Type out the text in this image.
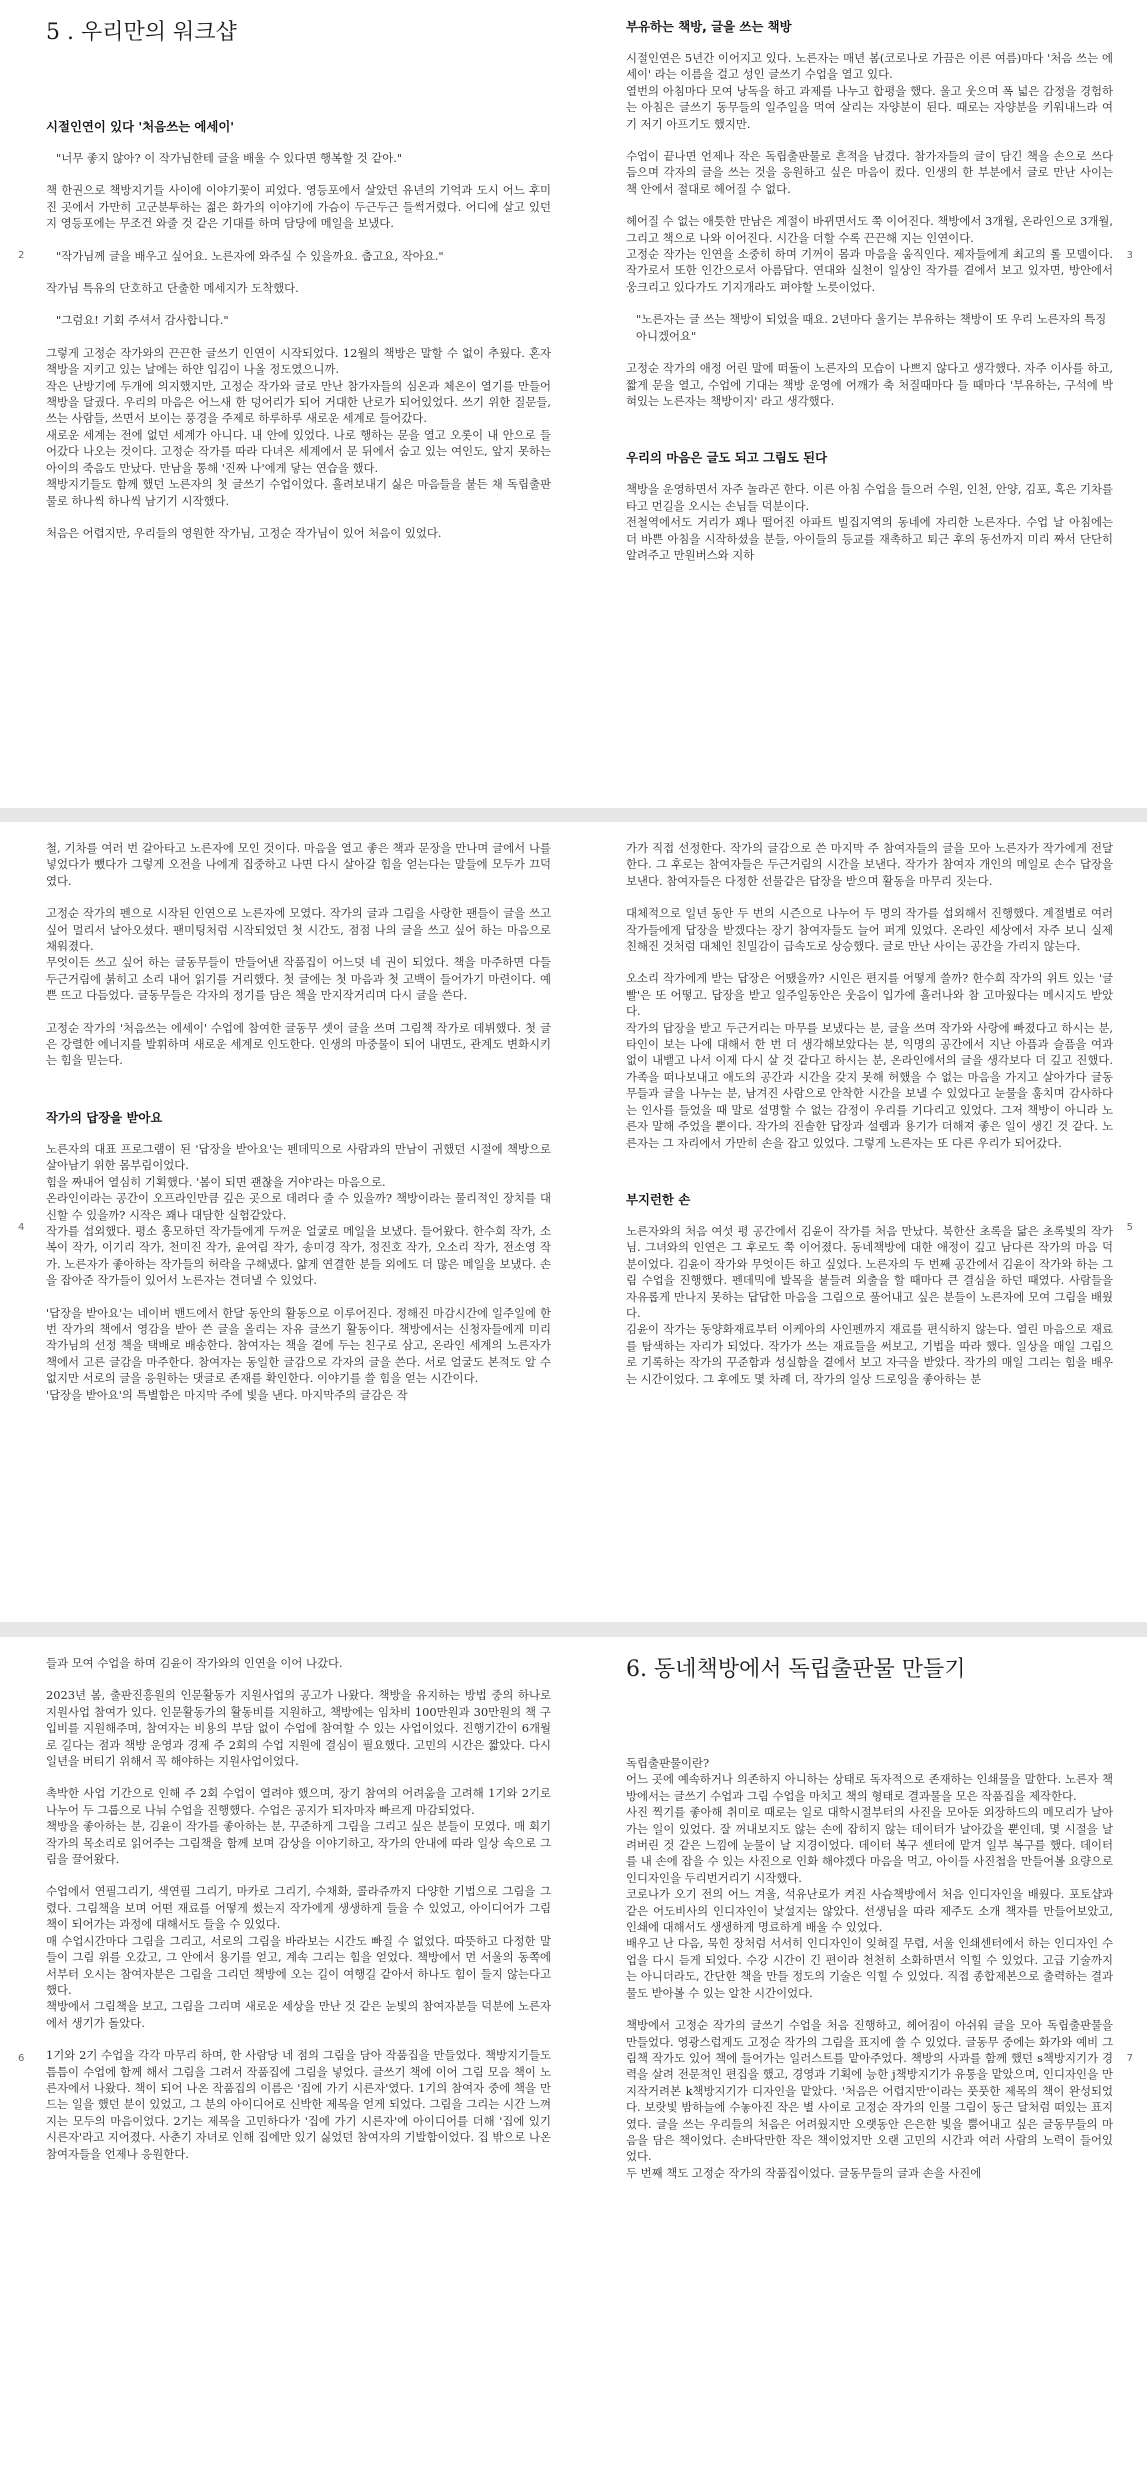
5 . 우리만의 워크샵
시절인연이 있다 '처음쓰는 에세이'

"너무 좋지 않아? 이 작가님한테 글을 배울 수 있다면 행복할 것 같아."

책 한권으로 책방지기들 사이에 이야기꽃이 피었다. 영등포에서 살았던 유년의 기억과 도시 어느 후미진 곳에서 가만히 고군분투하는 젊은 화가의 이야기에 가슴이 두근두근 들썩거렸다. 어디에 살고 있던지 영등포에는 무조건 와줄 것 같은 기대를 하며 담당에 메일을 보냈다.

"작가님께 글을 배우고 싶어요. 노른자에 와주실 수 있을까요. 춥고요, 작아요."

작가님 특유의 단호하고 단출한 메세지가 도착했다.

"그럼요! 기회 주셔서 감사합니다."

그렇게 고정순 작가와의 끈끈한 글쓰기 인연이 시작되었다. 12월의 책방은 말할 수 없이 추웠다. 혼자 책방을 지키고 있는 날에는 하얀 입김이 나올 정도였으니까.
작은 난방기에 두개에 의지했지만, 고정순 작가와 글로 만난 참가자들의 심온과 체온이 열기를 만들어 책방을 달궜다. 우리의 마음은 어느새 한 덩어리가 되어 거대한 난로가 되어있었다. 쓰기 위한 질문들, 쓰는 사람들, 쓰면서 보이는 풍경을 주제로 하루하루 새로운 세계로 들어갔다.
새로운 세계는 전에 없던 세계가 아니다. 내 안에 있었다. 나로 행하는 문을 열고 오롯이 내 안으로 들어갔다 나오는 것이다. 고정순 작가를 따라 다녀온 세계에서 문 뒤에서 숨고 있는 여인도, 앞지 못하는 아이의 죽음도 만났다. 만남을 통해 '진짜 나'에게 닿는 연습을 했다.
책방지기들도 함께 했던 노른자의 첫 글쓰기 수업이었다. 흘려보내기 싫은 마음들을 붙든 채 독립출판물로 하나씩 하나씩 남기기 시작했다.

처음은 어렵지만, 우리들의 영원한 작가님, 고정순 작가님이 있어 처음이 있었다.

2
부유하는 책방, 글을 쓰는 책방

시절인연은 5년간 이어지고 있다. 노른자는 매년 봄(코로나로 가끔은 이른 여름)마다 '처음 쓰는 에세이' 라는 이름을 걸고 성인 글쓰기 수업을 열고 있다.
열번의 아침마다 모여 낭독을 하고 과제를 나누고 합평을 했다. 울고 웃으며 폭 넓은 감정을 경험하는 아침은 글쓰기 동무들의 일주일을 먹여 살리는 자양분이 된다. 때로는 자양분을 키워내느라 여기 저기 아프기도 했지만.

수업이 끝나면 언제나 작은 독립출판물로 흔적을 남겼다. 참가자들의 글이 담긴 책을 손으로 쓰다듬으며 각자의 글을 쓰는 것을 응원하고 싶은 마음이 컸다. 인생의 한 부분에서 글로 만난 사이는 책 안에서 절대로 헤어질 수 없다.

헤어질 수 없는 애틋한 만남은 계절이 바뀌면서도 쭉 이어진다. 책방에서 3개월, 온라인으로 3개월, 그리고 책으로 나와 이어진다. 시간을 더할 수록 끈끈해 지는 인연이다.
고정순 작가는 인연을 소중히 하며 기꺼이 몸과 마음을 움직인다. 제자들에게 최고의 롤 모델이다. 작가로서 또한 인간으로서 아름답다. 연대와 실천이 일상인 작가를 곁에서 보고 있자면, 방안에서 웅크리고 있다가도 기지개라도 펴야할 노릇이었다.

"노른자는 글 쓰는 책방이 되었을 때요. 2년마다 울기는 부유하는 책방이 또 우리 노른자의 특징 아니겠어요"

고정순 작가의 애정 어린 말에 떠돌이 노른자의 모습이 나쁘지 않다고 생각했다. 자주 이사를 하고, 짧게 문을 열고, 수업에 기대는 책방 운영에 어깨가 축 처질때마다 들 때마다 '부유하는, 구석에 박혀있는 노른자는 책방이지' 라고 생각했다.

우리의 마음은 글도 되고 그림도 된다

책방을 운영하면서 자주 놀라곤 한다. 이른 아침 수업을 들으러 수원, 인천, 안양, 김포, 혹은 기차를 타고 먼길을 오시는 손님들 덕분이다.
전철역에서도 거리가 꽤나 떨어진 아파트 빌집지역의 동네에 자리한 노른자다. 수업 날 아침에는 더 바쁜 아침을 시작하셨을 분들, 아이들의 등교를 재촉하고 퇴근 후의 동선까지 미리 짜서 단단히 알려주고 만원버스와 지하

3

철, 기차를 여러 번 갈아타고 노른자에 모인 것이다. 마음을 열고 좋은 책과 문장을 만나며 글에서 나를 넣었다가 뺐다가 그렇게 오전을 나에게 집중하고 나면 다시 살아갈 힘을 얻는다는 말들에 모두가 끄덕였다.

고정순 작가의 펜으로 시작된 인연으로 노른자에 모였다. 작가의 글과 그림을 사랑한 팬들이 글을 쓰고 싶어 멀리서 날아오셨다. 팬미팅처럼 시작되었던 첫 시간도, 점점 나의 글을 쓰고 싶어 하는 마음으로 채워졌다.
무엇이든 쓰고 싶어 하는 글동무들이 만들어낸 작품집이 어느덧 네 권이 되었다. 책을 마주하면 다들 두근거림에 붉히고 소리 내어 읽기를 거리했다. 첫 글에는 첫 마음과 첫 고백이 들어가기 마련이다. 예쁜 뜨고 다듬었다. 글동무들은 각자의 정기를 담은 책을 만지작거리며 다시 글을 쓴다.

고정순 작가의 '처음쓰는 에세이' 수업에 참여한 글동무 셋이 글을 쓰며 그림책 작가로 데뷔했다. 첫 글은 강렬한 에너지를 발휘하며 새로운 세계로 인도한다. 인생의 마중물이 되어 내면도, 관계도 변화시키는 힘을 믿는다.

작가의 답장을 받아요

노른자의 대표 프로그램이 된 '답장을 받아요'는 펜데믹으로 사람과의 만남이 귀했던 시절에 책방으로 살아남기 위한 몸부림이었다.
힘을 짜내어 열심히 기획했다. '봄이 되면 괜찮을 거야'라는 마음으로.
온라인이라는 공간이 오프라인만큼 깊은 곳으로 데려다 줄 수 있을까? 책방이라는 물리적인 장치를 대신할 수 있을까? 시작은 꽤나 대담한 실험같았다.
작가를 섭외했다. 평소 홍모하던 작가들에게 두꺼운 얼굴로 메일을 보냈다. 들어왔다. 한수희 작가, 소복이 작가, 이기리 작가, 천미진 작가, 윤여림 작가, 송미경 작가, 정진호 작가, 오소리 작가, 전소영 작가. 노른자가 좋아하는 작가들의 허락을 구해냈다. 얇게 연결한 분들 외에도 더 많은 메일을 보냈다. 손을 잡아준 작가들이 있어서 노른자는 견뎌낼 수 있었다.

'답장을 받아요'는 네이버 밴드에서 한달 동안의 활동으로 이루어진다. 정해진 마감시간에 일주일에 한 번 작가의 책에서 영감을 받아 쓴 글을 올리는 자유 글쓰기 활동이다. 책방에서는 신청자들에게 미리 작가님의 선정 책을 택배로 배송한다. 참여자는 책을 곁에 두는 친구로 삼고, 온라인 세계의 노른자가 책에서 고른 글감을 마주한다. 참여자는 동일한 글감으로 각자의 글을 쓴다. 서로 얼굴도 본적도 알 수 없지만 서로의 글을 응원하는 댓글로 존재를 확인한다. 이야기를 쓸 힘을 얻는 시간이다.
'답장을 받아요'의 특별함은 마지막 주에 빛을 낸다. 마지막주의 글감은 작

4

가가 직접 선정한다. 작가의 글감으로 쓴 마지막 주 참여자들의 글을 모아 노른자가 작가에게 전달한다. 그 후로는 참여자들은 두근거림의 시간을 보낸다. 작가가 참여자 개인의 메일로 손수 답장을 보낸다. 참여자들은 다정한 선물같은 답장을 받으며 활동을 마무리 짓는다.

대체적으로 일년 동안 두 번의 시즌으로 나누어 두 명의 작가를 섭외해서 진행했다. 계절별로 여러 작가들에게 답장을 받겠다는 장기 참여자들도 늘어 퍼게 있었다. 온라인 세상에서 자주 보니 실제 친해진 것처럼 대체인 친밀감이 급속도로 상승했다. 글로 만난 사이는 공간을 가리지 않는다.

오소리 작가에게 받는 답장은 어땠을까? 시인은 편지를 어떻게 쓸까? 한수희 작가의 위트 있는 '글빨'은 또 어떻고. 답장을 받고 일주일동안은 웃음이 입가에 흘러나와 참 고마웠다는 메시지도 받았다.
작가의 답장을 받고 두근거리는 마무를 보냈다는 분, 글을 쓰며 작가와 사랑에 빠졌다고 하시는 분, 타인이 보는 나에 대해서 한 번 더 생각해보았다는 분, 익명의 공간에서 지난 아픔과 슬픔을 여과 없이 내뱉고 나서 이제 다시 살 것 같다고 하시는 분, 온라인에서의 글을 생각보다 더 깊고 진했다. 가족을 떠나보내고 애도의 공간과 시간을 갖지 못해 허했을 수 없는 마음을 가지고 살아가다 글동무들과 글을 나누는 분, 남겨진 사람으로 안착한 시간을 보낼 수 있었다고 눈물을 훔치며 감사하다는 인사를 들었을 때 말로 설명할 수 없는 감정이 우리를 기다리고 있었다. 그저 책방이 아니라 노른자 말해 주었을 뿐이다. 작가의 진솔한 답장과 설렘과 용기가 더해져 좋은 일이 생긴 것 같다. 노른자는 그 자리에서 가만히 손을 잡고 있었다. 그렇게 노른자는 또 다른 우리가 되어갔다.

부지런한 손

노른자와의 처음 여섯 평 공간에서 김윤이 작가를 처음 만났다. 북한산 초록을 닮은 초록빛의 작가님. 그녀와의 인연은 그 후로도 쭉 이어졌다. 동네책방에 대한 애정이 깊고 남다른 작가의 마음 덕분이었다. 김윤이 작가와 무엇이든 하고 싶었다. 노른자의 두 번째 공간에서 김윤이 작가와 하는 그림 수업을 진행했다. 펜데믹에 발목을 붙들려 외출을 할 때마다 큰 결심을 하던 때였다. 사람들을 자유롭게 만나지 못하는 답답한 마음을 그림으로 풀어내고 싶은 분들이 노른자에 모여 그림을 배웠다.
김윤이 작가는 동양화재료부터 이케아의 사인펜까지 재료를 편식하지 않는다. 열린 마음으로 재료를 탐색하는 자리가 되었다. 작가가 쓰는 재료들을 써보고, 기법을 따라 했다. 일상을 매일 그림으로 기록하는 작가의 꾸준함과 성실함을 곁에서 보고 자극을 받았다. 작가의 매일 그리는 힘을 배우는 시간이었다. 그 후에도 몇 차례 더, 작가의 일상 드로잉을 좋아하는 분

5

들과 모여 수업을 하며 김윤이 작가와의 인연을 이어 나갔다.

2023년 봄, 출판진흥원의 인문활동가 지원사업의 공고가 나왔다. 책방을 유지하는 방법 중의 하나로 지원사업 참여가 있다. 인문활동가의 활동비를 지원하고, 책방에는 임차비 100만원과 30만원의 책 구입비를 지원해주며, 참여자는 비용의 부담 없이 수업에 참여할 수 있는 사업이었다. 진행기간이 6개월로 길다는 점과 책방 운영과 경제 주 2회의 수업 지원에 결심이 필요했다. 고민의 시간은 짧았다. 다시 일년을 버티기 위해서 꼭 해야하는 지원사업이었다.

촉박한 사업 기간으로 인해 주 2회 수업이 열려야 했으며, 장기 참여의 어려움을 고려해 1기와 2기로 나누어 두 그룹으로 나눠 수업을 진행했다. 수업은 공지가 되자마자 빠르게 마감되었다.
책방을 좋아하는 분, 김윤이 작가를 좋아하는 분, 꾸준하게 그림을 그리고 싶은 분들이 모였다. 매 회기 작가의 목소리로 읽어주는 그림책을 함께 보며 감상을 이야기하고, 작가의 안내에 따라 일상 속으로 그림을 끌어왔다.

수업에서 연필그리기, 색연필 그리기, 마카로 그리기, 수채화, 콜라쥬까지 다양한 기법으로 그림을 그렸다. 그림책을 보며 어떤 재료를 어떻게 썼는지 작가에게 생생하게 들을 수 있었고, 아이디어가 그림책이 되어가는 과정에 대해서도 들을 수 있었다.
매 수업시간마다 그림을 그리고, 서로의 그림을 바라보는 시간도 빠질 수 없었다. 따뜻하고 다정한 말들이 그림 위를 오갔고, 그 안에서 용기를 얻고, 계속 그리는 힘을 얻었다. 책방에서 먼 서울의 동쪽에서부터 오시는 참여자분은 그림을 그리던 책방에 오는 길이 여행길 같아서 하나도 힘이 들지 않는다고 했다.
책방에서 그림책을 보고, 그림을 그리며 새로운 세상을 만난 것 같은 눈빛의 참여자분들 덕분에 노른자에서 생기가 돌았다.

1기와 2기 수업을 각각 마무리 하며, 한 사람당 네 점의 그림을 담아 작품집을 만들었다. 책방지기들도 틈틈이 수업에 함께 해서 그림을 그려서 작품집에 그림을 넣었다. 글쓰기 책에 이어 그림 모음 책이 노른자에서 나왔다. 책이 되어 나온 작품집의 이름은 '집에 가기 시른자'였다. 1기의 참여자 중에 책을 만드는 일을 했던 분이 있었고, 그 분의 아이디어로 신박한 제목을 얻게 되었다. 그림을 그리는 시간 느껴지는 모두의 마음이었다. 2기는 제목을 고민하다가 '집에 가기 시른자'에 아이디어를 더해 '집에 있기 시른자'라고 지어졌다. 사춘기 자녀로 인해 집에만 있기 싫었던 참여자의 기발함이었다. 집 밖으로 나온 참여자들을 언제나 응원한다.

6
6. 동네책방에서 독립출판물 만들기

독립출판물이란?
어느 곳에 예속하거나 의존하지 아니하는 상태로 독자적으로 존재하는 인쇄물을 말한다. 노른자 책방에서는 글쓰기 수업과 그림 수업을 마치고 책의 형태로 결과물을 모은 작품집을 제작한다.
사진 찍기를 좋아해 취미로 때로는 일로 대학시절부터의 사진을 모아둔 외장하드의 메모리가 날아가는 일이 있었다. 잘 꺼내보지도 않는 손에 잡히지 않는 데이터가 날아갔을 뿐인데, 몇 시절을 날려버린 것 같은 느낌에 눈물이 날 지경이었다. 데이터 복구 센터에 맡겨 일부 복구를 했다. 데이터를 내 손에 잡을 수 있는 사진으로 인화 해야겠다 마음을 먹고, 아이들 사진첩을 만들어볼 요량으로 인디자인을 두리번거리기 시작했다.
코로나가 오기 전의 어느 겨울, 석유난로가 켜진 사슴책방에서 처음 인디자인을 배웠다. 포토샵과 같은 어도비사의 인디자인이 낯설지는 않았다. 선생님을 따라 제주도 소개 책자를 만들어보았고, 인쇄에 대해서도 생생하게 명료하게 배울 수 있었다.
배우고 난 다음, 묵힌 장처럼 서서히 인디자인이 잊혀질 무렵, 서울 인쇄센터에서 하는 인디자인 수업을 다시 듣게 되었다. 수강 시간이 긴 편이라 천천히 소화하면서 익힐 수 있었다. 고급 기술까지는 아니더라도, 간단한 책을 만들 정도의 기술은 익힐 수 있었다. 직접 종합제본으로 출력하는 결과물도 받아볼 수 있는 알찬 시간이었다.

책방에서 고정순 작가의 글쓰기 수업을 처음 진행하고, 헤어짐이 아쉬워 글을 모아 독립출판물을 만들었다. 영광스럽게도 고정순 작가의 그림을 표지에 쓸 수 있었다. 글동무 중에는 화가와 예비 그림책 작가도 있어 책에 들어가는 일러스트를 맡아주었다. 책방의 사과를 함께 했던 s책방지기가 경력을 살려 전문적인 편집을 했고, 경영과 기획에 능한 j책방지기가 유통을 맡았으며, 인디자인을 만지작거려본 k책방지기가 디자인을 맡았다. '처음은 어렵지만'이라는 풋풋한 제목의 책이 완성되었다. 보랏빛 밤하늘에 수놓아진 작은 별 사이로 고정순 작가의 인물 그림이 둥근 달처럼 떠있는 표지였다. 글을 쓰는 우리들의 처음은 어려웠지만 오랫동안 은은한 빛을 뿜어내고 싶은 글동무들의 마음을 담은 책이었다. 손바닥만한 작은 책이었지만 오랜 고민의 시간과 여러 사람의 노력이 들어있었다.
두 번째 책도 고정순 작가의 작품집이었다. 글동무들의 글과 손을 사진에

7
